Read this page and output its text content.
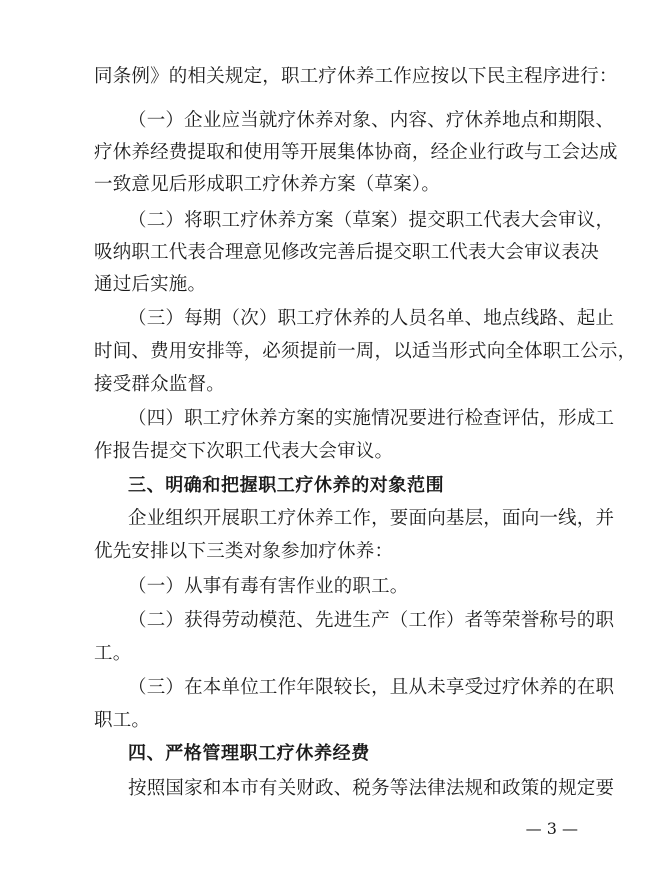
同条例》的相关规定，职工疗休养工作应按以下民主程序进行：
（一）企业应当就疗休养对象、内容、疗休养地点和期限、
疗休养经费提取和使用等开展集体协商，经企业行政与工会达成
一致意见后形成职工疗休养方案（草案）。
（二）将职工疗休养方案（草案）提交职工代表大会审议，
吸纳职工代表合理意见修改完善后提交职工代表大会审议表决
通过后实施。
（三）每期（次）职工疗休养的人员名单、地点线路、起止
时间、费用安排等，必须提前一周，以适当形式向全体职工公示，
接受群众监督。
（四）职工疗休养方案的实施情况要进行检查评估，形成工
作报告提交下次职工代表大会审议。
三、明确和把握职工疗休养的对象范围
企业组织开展职工疗休养工作，要面向基层，面向一线，并
优先安排以下三类对象参加疗休养：
（一）从事有毒有害作业的职工。
（二）获得劳动模范、先进生产（工作）者等荣誉称号的职
工。
（三）在本单位工作年限较长，且从未享受过疗休养的在职
职工。
四、严格管理职工疗休养经费
按照国家和本市有关财政、税务等法律法规和政策的规定要
— 3 —
